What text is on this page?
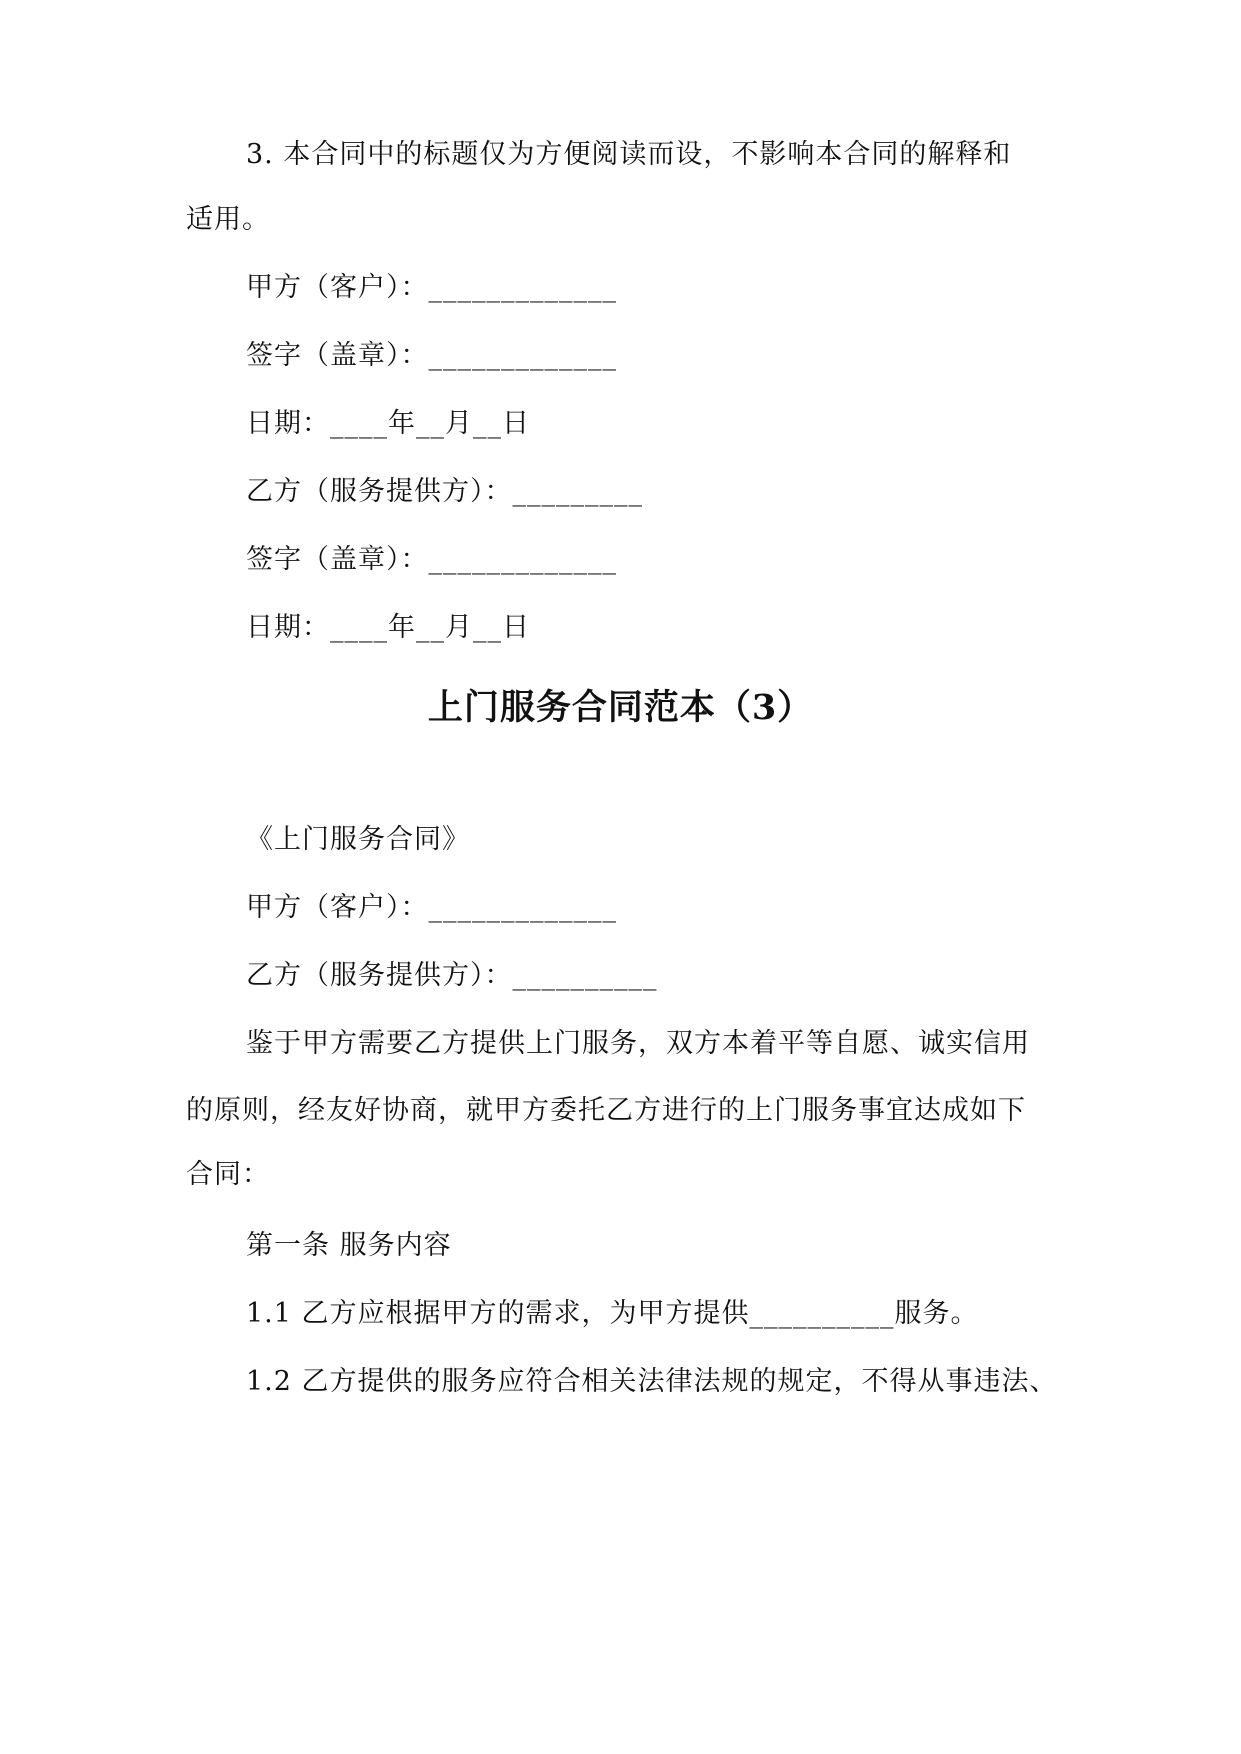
3. 本合同中的标题仅为方便阅读而设，不影响本合同的解释和
适用。
甲方（客户）：_____________
签字（盖章）：_____________
日期：____年__月__日
乙方（服务提供方）：_________
签字（盖章）：_____________
日期：____年__月__日
上门服务合同范本（3）
《上门服务合同》
甲方（客户）：_____________
乙方（服务提供方）：__________
鉴于甲方需要乙方提供上门服务，双方本着平等自愿、诚实信用
的原则，经友好协商，就甲方委托乙方进行的上门服务事宜达成如下
合同：
第一条 服务内容
1.1 乙方应根据甲方的需求，为甲方提供__________服务。
1.2 乙方提供的服务应符合相关法律法规的规定，不得从事违法、
